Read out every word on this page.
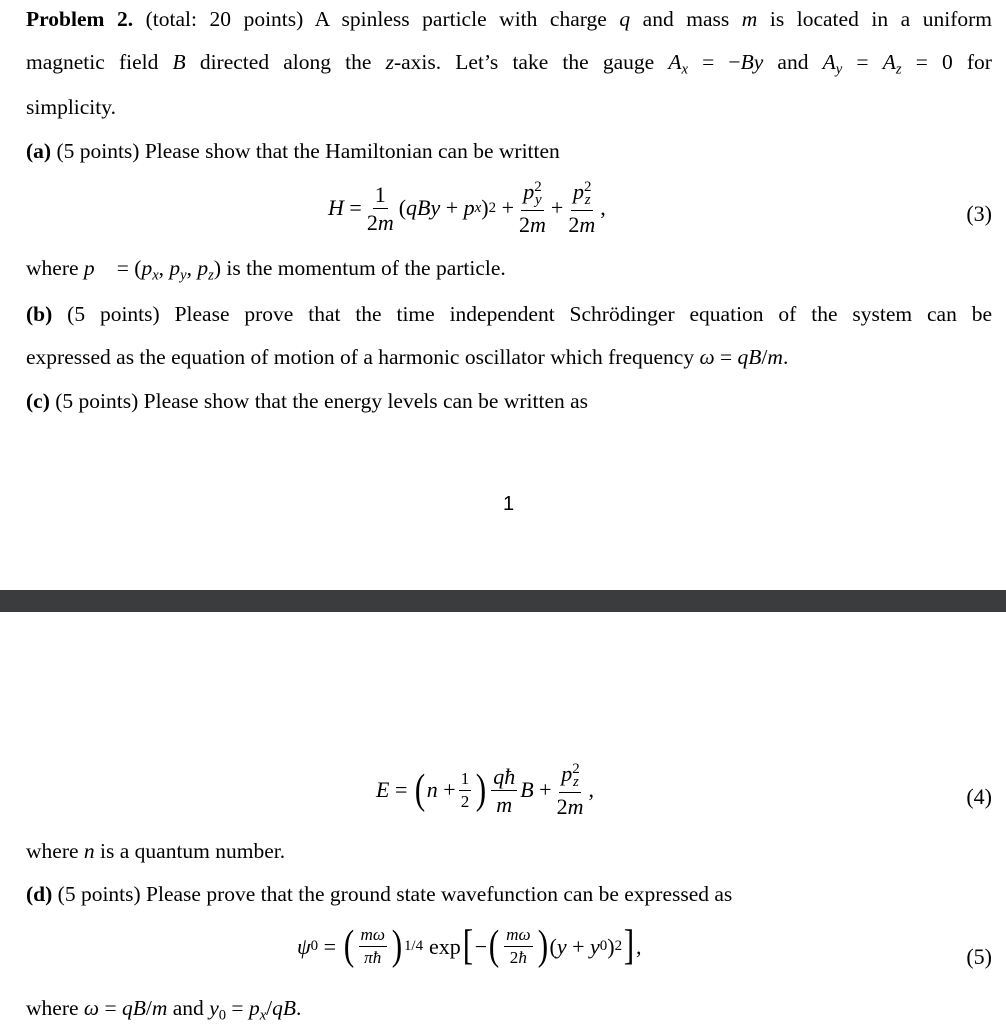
Problem 2. (total: 20 points) A spinless particle with charge q and mass m is located in a uniform
magnetic field B directed along the z-axis. Let’s take the gauge $A_x = -By$ and $A_y = A_z = 0$ for
simplicity.
(a) (5 points) Please show that the Hamiltonian can be written
$H = \frac{1}{2m}$ ( qBy + p x ) $2 + \frac{p^2_y}{2m} + \frac{p^2_z}{2m}$ ,	(3)
where p⃗ = ($p_x$, $p_y$, $p_z$) is the momentum of the particle.
(b) (5 points) Please prove that the time independent Schrödinger equation of the system can be
expressed as the equation of motion of a harmonic oscillator which frequency ω = qB/m.
(c) (5 points) Please show that the energy levels can be written as
1
E = ( $n + \frac{1}{2}$ ) $\frac{qħ}{m}$ $B + \frac{p^2_z}{2m}$ ,	(4)
where n is a quantum number.
(d) (5 points) Please prove that the ground state wavefunction can be expressed as
ψ 0 = ( $\frac{m\omega}{\pi ħ}$ ) 1/4 exp [ − ( $\frac{m\omega}{2ħ}$ ) ( y + y 0 ) 2 ] ,	(5)
where ω = qB/m and $y_0 = p_x/qB$.
